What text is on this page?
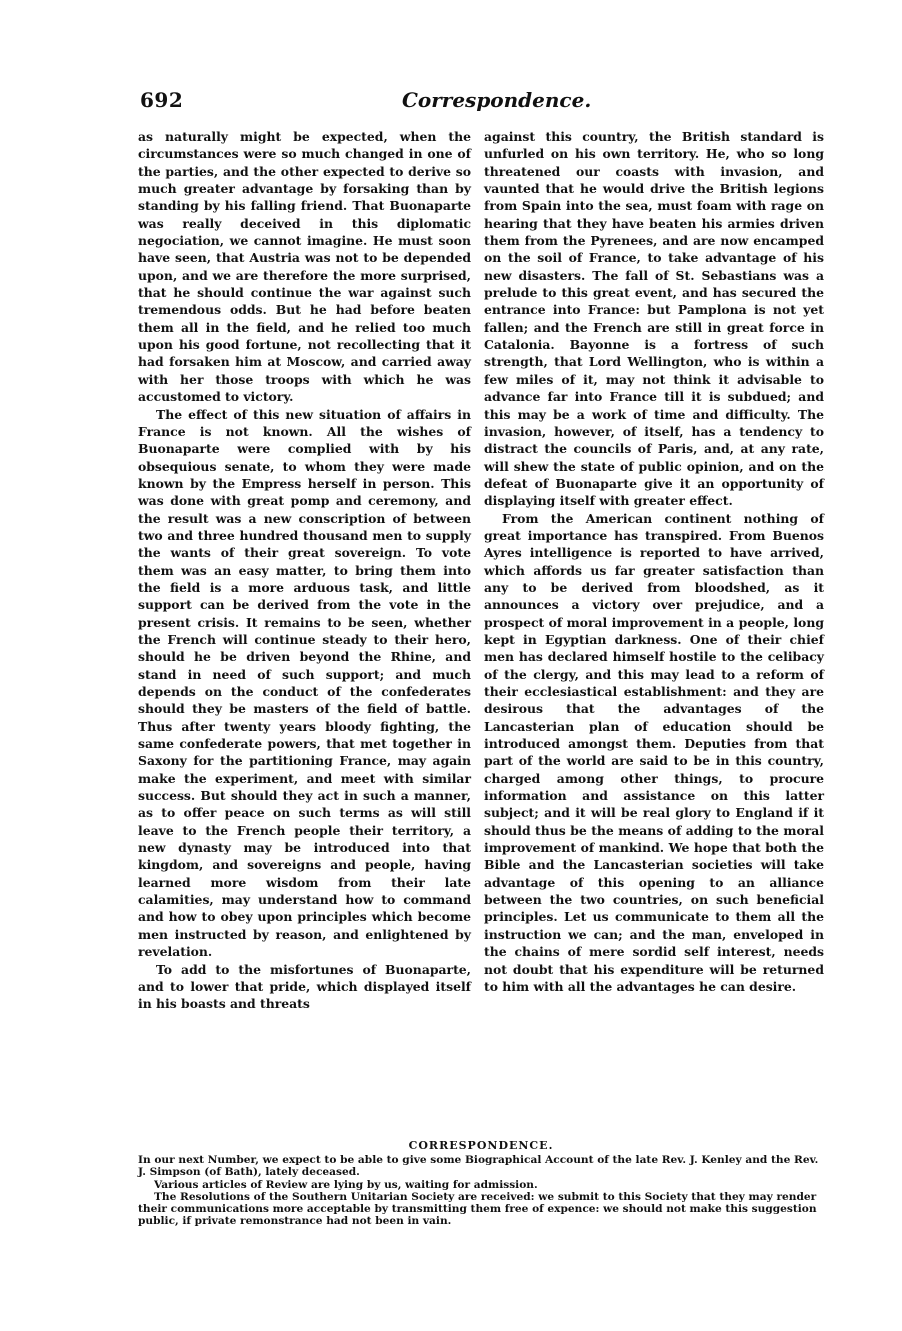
692	Correspondence.

as naturally might be expected, when the circumstances were so much changed in one of the parties, and the other expected to derive so much greater advantage by forsaking than by standing by his falling friend. That Buonaparte was really deceived in this diplomatic negociation, we cannot imagine. He must soon have seen, that Austria was not to be depended upon, and we are therefore the more surprised, that he should continue the war against such tremendous odds. But he had before beaten them all in the field, and he relied too much upon his good fortune, not recollecting that it had forsaken him at Moscow, and carried away with her those troops with which he was accustomed to victory.

The effect of this new situation of affairs in France is not known. All the wishes of Buonaparte were complied with by his obsequious senate, to whom they were made known by the Empress herself in person. This was done with great pomp and ceremony, and the result was a new conscription of between two and three hundred thousand men to supply the wants of their great sovereign. To vote them was an easy matter, to bring them into the field is a more arduous task, and little support can be derived from the vote in the present crisis. It remains to be seen, whether the French will continue steady to their hero, should he be driven beyond the Rhine, and stand in need of such support; and much depends on the conduct of the confederates should they be masters of the field of battle. Thus after twenty years bloody fighting, the same confederate powers, that met together in Saxony for the partitioning France, may again make the experiment, and meet with similar success. But should they act in such a manner, as to offer peace on such terms as will still leave to the French people their territory, a new dynasty may be introduced into that kingdom, and sovereigns and people, having learned more wisdom from their late calamities, may understand how to command and how to obey upon principles which become men instructed by reason, and enlightened by revelation.

To add to the misfortunes of Buonaparte, and to lower that pride, which displayed itself in his boasts and threats

against this country, the British standard is unfurled on his own territory. He, who so long threatened our coasts with invasion, and vaunted that he would drive the British legions from Spain into the sea, must foam with rage on hearing that they have beaten his armies driven them from the Pyrenees, and are now encamped on the soil of France, to take advantage of his new disasters. The fall of St. Sebastians was a prelude to this great event, and has secured the entrance into France: but Pamplona is not yet fallen; and the French are still in great force in Catalonia. Bayonne is a fortress of such strength, that Lord Wellington, who is within a few miles of it, may not think it advisable to advance far into France till it is subdued; and this may be a work of time and difficulty. The invasion, however, of itself, has a tendency to distract the councils of Paris, and, at any rate, will shew the state of public opinion, and on the defeat of Buonaparte give it an opportunity of displaying itself with greater effect.

From the American continent nothing of great importance has transpired. From Buenos Ayres intelligence is reported to have arrived, which affords us far greater satisfaction than any to be derived from bloodshed, as it announces a victory over prejudice, and a prospect of moral improvement in a people, long kept in Egyptian darkness. One of their chief men has declared himself hostile to the celibacy of the clergy, and this may lead to a reform of their ecclesiastical establishment: and they are desirous that the advantages of the Lancasterian plan of education should be introduced amongst them. Deputies from that part of the world are said to be in this country, charged among other things, to procure information and assistance on this latter subject; and it will be real glory to England if it should thus be the means of adding to the moral improvement of mankind. We hope that both the Bible and the Lancasterian societies will take advantage of this opening to an alliance between the two countries, on such beneficial principles. Let us communicate to them all the instruction we can; and the man, enveloped in the chains of mere sordid self interest, needs not doubt that his expenditure will be returned to him with all the advantages he can desire.

CORRESPONDENCE.

In our next Number, we expect to be able to give some Biographical Account of the late Rev. J. Kenley and the Rev. J. Simpson (of Bath), lately deceased.

Various articles of Review are lying by us, waiting for admission.

The Resolutions of the Southern Unitarian Society are received: we submit to this Society that they may render their communications more acceptable by transmitting them free of expence: we should not make this suggestion public, if private remonstrance had not been in vain.
